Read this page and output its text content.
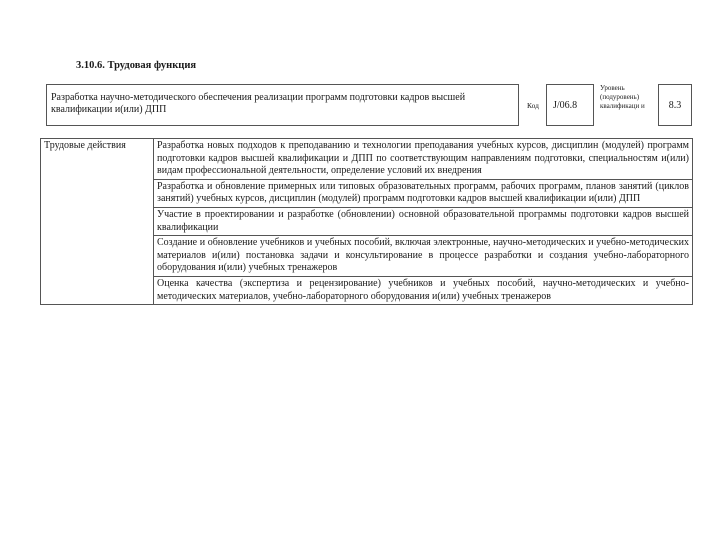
3.10.6. Трудовая функция
Разработка научно-методического обеспечения реализации программ подготовки кадров высшей квалификации и(или) ДПП	Код J/06.8
Уровень (подуровень) квалификаци и	8.3
Трудовые действия	Разработка новых подходов к преподаванию и технологии преподавания учебных курсов, дисциплин (модулей) программ подготовки кадров высшей квалификации и ДПП по соответствующим направлениям подготовки, специальностям и(или) видам профессиональной деятельности, определение условий их внедрения
Разработка и обновление примерных или типовых образовательных программ, рабочих программ, планов занятий (циклов занятий) учебных курсов, дисциплин (модулей) программ подготовки кадров высшей квалификации и(или) ДПП
Участие в проектировании и разработке (обновлении) основной образовательной программы подготовки кадров высшей квалификации
Создание и обновление учебников и учебных пособий, включая электронные, научно-методических и учебно-методических материалов и(или) постановка задачи и консультирование в процессе разработки и создания учебно-лабораторного оборудования и(или) учебных тренажеров
Оценка качества (экспертиза и рецензирование) учебников и учебных пособий, научно-методических и учебно-методических материалов, учебно-лабораторного оборудования и(или) учебных тренажеров
